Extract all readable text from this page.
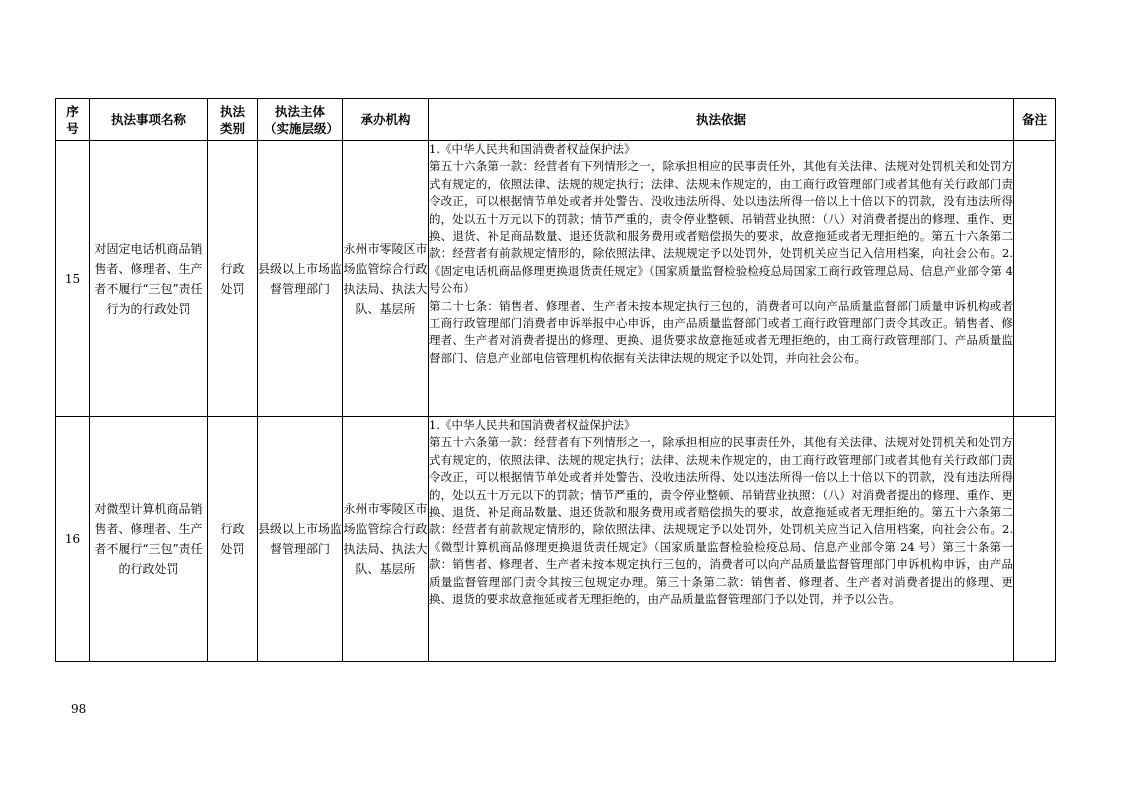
序号	执法事项名称	执法类别	执法主体（实施层级）	承办机构	执法依据	备注
15	对固定电话机商品销售者、修理者、生产者不履行“三包”责任行为的行政处罚	行政处罚	县级以上市场监督管理部门	永州市零陵区市场监管综合行政执法局、执法大队、基层所	1.《中华人民共和国消费者权益保护法》

第五十六条第一款：经营者有下列情形之一，除承担相应的民事责任外，其他有关法律、法规对处罚机关和处罚方式有规定的，依照法律、法规的规定执行；法律、法规未作规定的，由工商行政管理部门或者其他有关行政部门责令改正，可以根据情节单处或者并处警告、没收违法所得、处以违法所得一倍以上十倍以下的罚款，没有违法所得的，处以五十万元以下的罚款；情节严重的，责令停业整顿、吊销营业执照：（八）对消费者提出的修理、重作、更换、退货、补足商品数量、退还货款和服务费用或者赔偿损失的要求，故意拖延或者无理拒绝的。第五十六条第二款：经营者有前款规定情形的，除依照法律、法规规定予以处罚外，处罚机关应当记入信用档案，向社会公布。2.《固定电话机商品修理更换退货责任规定》（国家质量监督检验检疫总局国家工商行政管理总局、信息产业部令第 4 号公布）

第二十七条：销售者、修理者、生产者未按本规定执行三包的，消费者可以向产品质量监督部门质量申诉机构或者工商行政管理部门消费者申诉举报中心申诉，由产品质量监督部门或者工商行政管理部门责令其改正。销售者、修理者、生产者对消费者提出的修理、更换、退货要求故意拖延或者无理拒绝的，由工商行政管理部门、产品质量监督部门、信息产业部电信管理机构依据有关法律法规的规定予以处罚，并向社会公布。	

16	对微型计算机商品销售者、修理者、生产者不履行“三包”责任的行政处罚	行政处罚	县级以上市场监督管理部门	永州市零陵区市场监管综合行政执法局、执法大队、基层所	1.《中华人民共和国消费者权益保护法》

第五十六条第一款：经营者有下列情形之一，除承担相应的民事责任外，其他有关法律、法规对处罚机关和处罚方式有规定的，依照法律、法规的规定执行；法律、法规未作规定的，由工商行政管理部门或者其他有关行政部门责令改正，可以根据情节单处或者并处警告、没收违法所得、处以违法所得一倍以上十倍以下的罚款，没有违法所得的，处以五十万元以下的罚款；情节严重的，责令停业整顿、吊销营业执照：（八）对消费者提出的修理、重作、更换、退货、补足商品数量、退还货款和服务费用或者赔偿损失的要求，故意拖延或者无理拒绝的。第五十六条第二款：经营者有前款规定情形的，除依照法律、法规规定予以处罚外，处罚机关应当记入信用档案，向社会公布。2.《微型计算机商品修理更换退货责任规定》（国家质量监督检验检疫总局、信息产业部令第 24 号）第三十条第一款：销售者、修理者、生产者未按本规定执行三包的，消费者可以向产品质量监督管理部门申诉机构申诉，由产品质量监督管理部门责令其按三包规定办理。第三十条第二款：销售者、修理者、生产者对消费者提出的修理、更换、退货的要求故意拖延或者无理拒绝的，由产品质量监督管理部门予以处罚，并予以公告。	

98
